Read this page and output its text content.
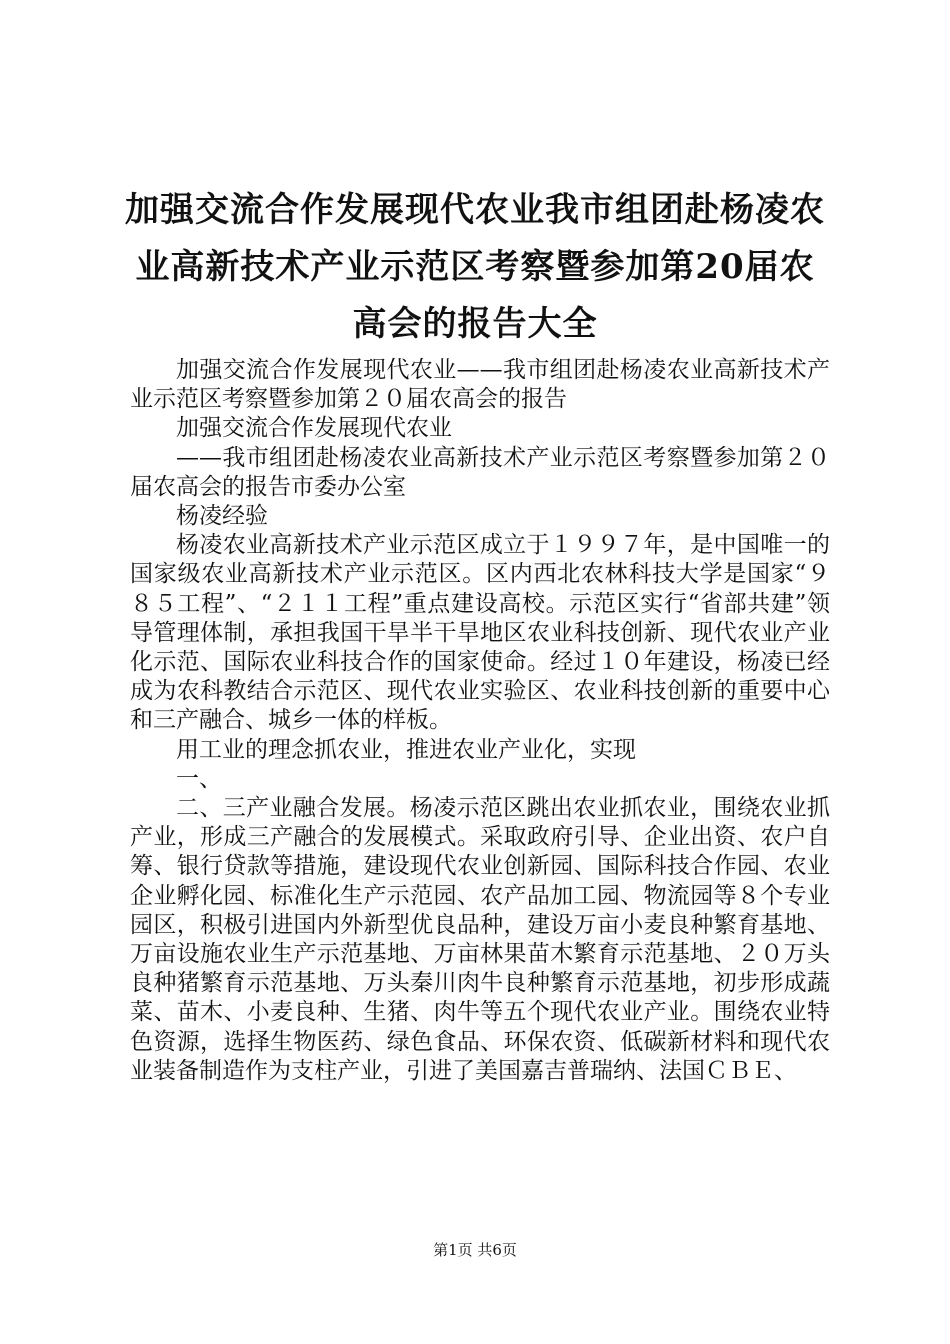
加强交流合作发展现代农业我市组团赴杨凌农
业高新技术产业示范区考察暨参加第20届农
高会的报告大全

加强交流合作发展现代农业——我市组团赴杨凌农业高新技术产业示范区考察暨参加第２０届农高会的报告

加强交流合作发展现代农业

——我市组团赴杨凌农业高新技术产业示范区考察暨参加第２０届农高会的报告市委办公室

杨凌经验

杨凌农业高新技术产业示范区成立于１９９７年，是中国唯一的国家级农业高新技术产业示范区。区内西北农林科技大学是国家“９８５工程”、“２１１工程”重点建设高校。示范区实行“省部共建”领导管理体制，承担我国干旱半干旱地区农业科技创新、现代农业产业化示范、国际农业科技合作的国家使命。经过１０年建设，杨凌已经成为农科教结合示范区、现代农业实验区、农业科技创新的重要中心和三产融合、城乡一体的样板。

用工业的理念抓农业，推进农业产业化，实现

一、

二、三产业融合发展。杨凌示范区跳出农业抓农业，围绕农业抓产业，形成三产融合的发展模式。采取政府引导、企业出资、农户自筹、银行贷款等措施，建设现代农业创新园、国际科技合作园、农业企业孵化园、标准化生产示范园、农产品加工园、物流园等８个专业园区，积极引进国内外新型优良品种，建设万亩小麦良种繁育基地、万亩设施农业生产示范基地、万亩林果苗木繁育示范基地、２０万头良种猪繁育示范基地、万头秦川肉牛良种繁育示范基地，初步形成蔬菜、苗木、小麦良种、生猪、肉牛等五个现代农业产业。围绕农业特色资源，选择生物医药、绿色食品、环保农资、低碳新材料和现代农业装备制造作为支柱产业，引进了美国嘉吉普瑞纳、法国ＣＢＥ、

第1页 共6页
